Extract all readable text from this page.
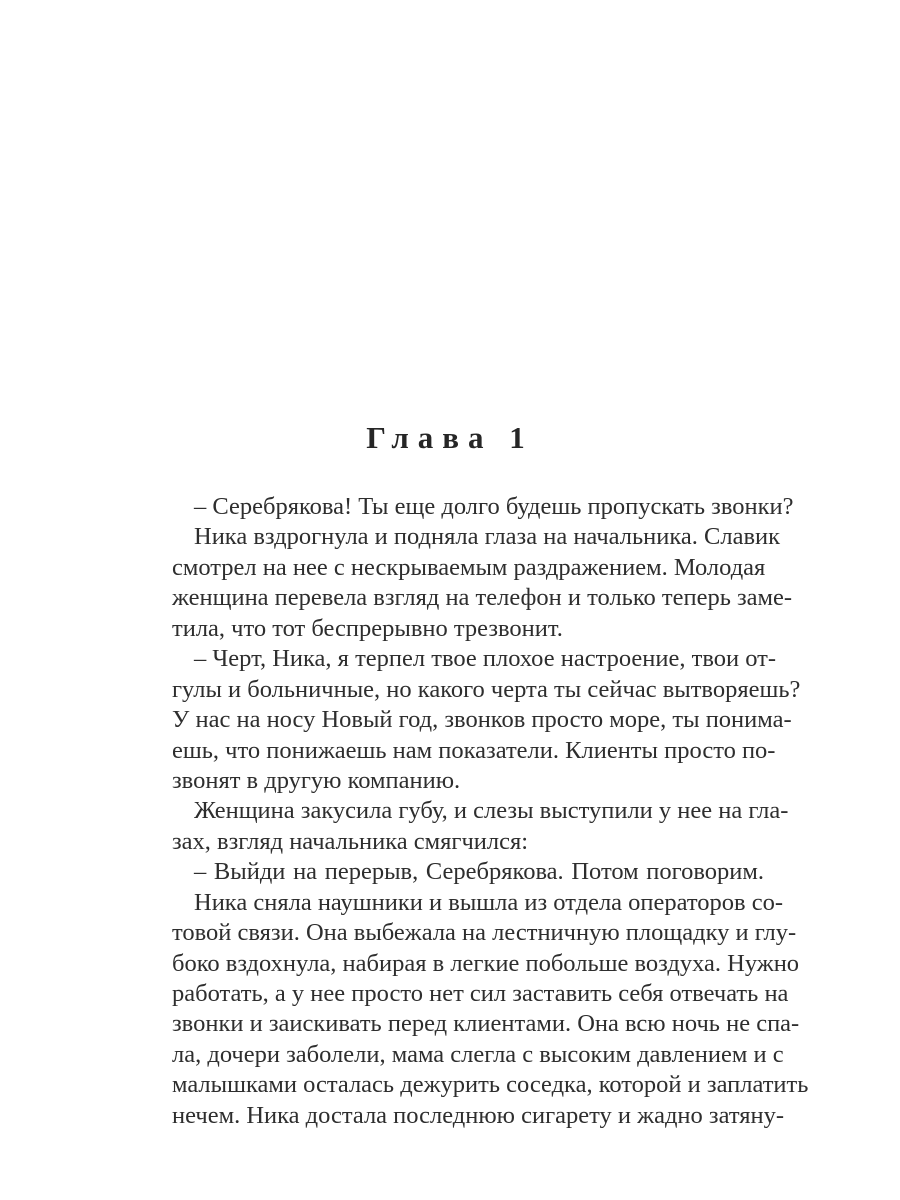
Глава 1
– Серебрякова! Ты еще долго будешь пропускать звонки?
Ника вздрогнула и подняла глаза на начальника. Славик
смотрел на нее с нескрываемым раздражением. Молодая
женщина перевела взгляд на телефон и только теперь заме-
тила, что тот беспрерывно трезвонит.
– Черт, Ника, я терпел твое плохое настроение, твои от-
гулы и больничные, но какого черта ты сейчас вытворяешь?
У нас на носу Новый год, звонков просто море, ты понима-
ешь, что понижаешь нам показатели. Клиенты просто по-
звонят в другую компанию.
Женщина закусила губу, и слезы выступили у нее на гла-
зах, взгляд начальника смягчился:
– Выйди на перерыв, Серебрякова. Потом поговорим.
Ника сняла наушники и вышла из отдела операторов со-
товой связи. Она выбежала на лестничную площадку и глу-
боко вздохнула, набирая в легкие побольше воздуха. Нужно
работать, а у нее просто нет сил заставить себя отвечать на
звонки и заискивать перед клиентами. Она всю ночь не спа-
ла, дочери заболели, мама слегла с высоким давлением и с
малышками осталась дежурить соседка, которой и заплатить
нечем. Ника достала последнюю сигарету и жадно затяну-
